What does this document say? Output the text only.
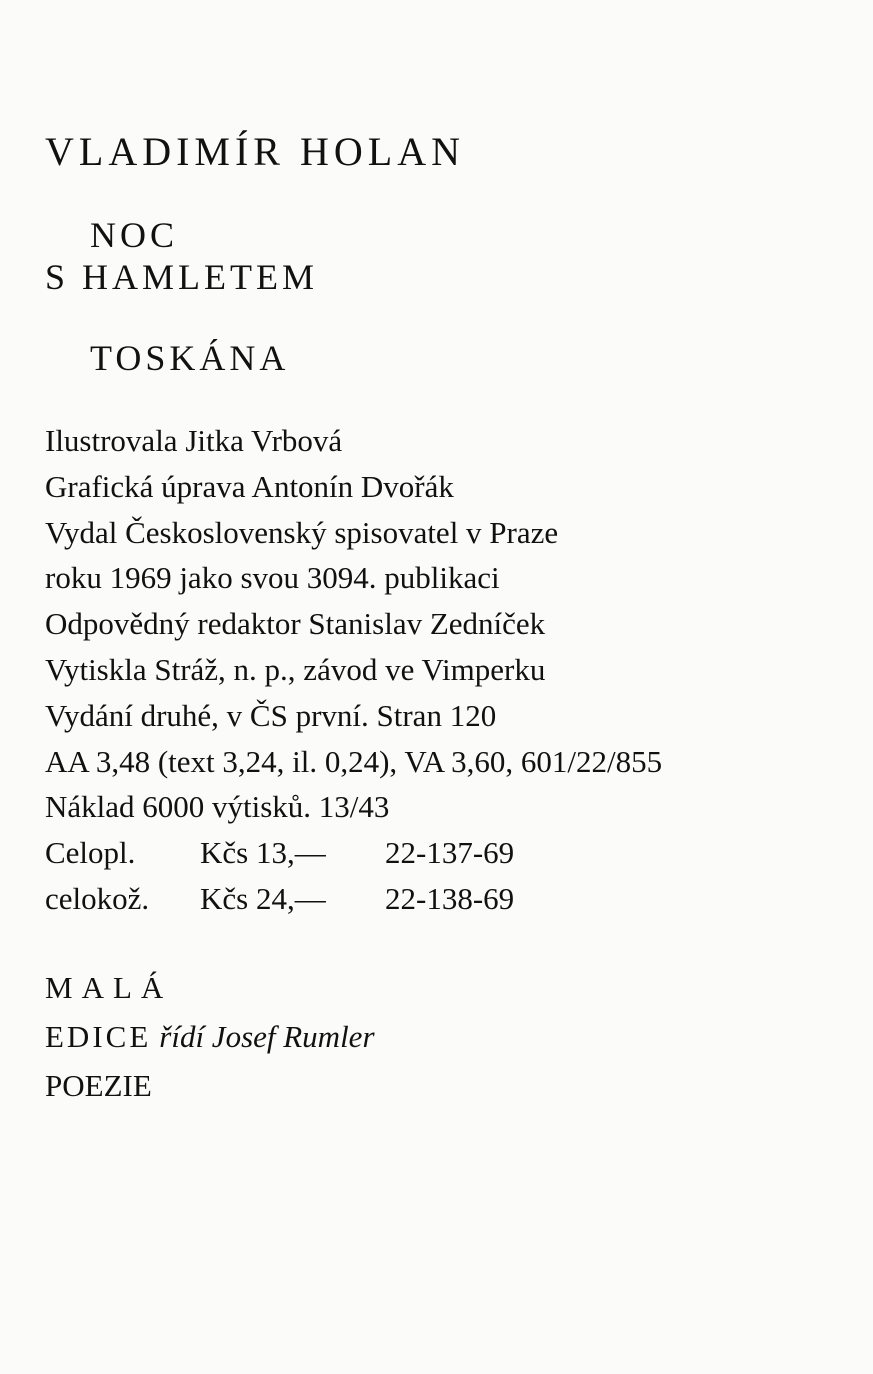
VLADIMÍR HOLAN
NOC
S HAMLETEM
TOSKÁNA
Ilustrovala Jitka Vrbová
Grafická úprava Antonín Dvořák
Vydal Československý spisovatel v Praze
roku 1969 jako svou 3094. publikaci
Odpovědný redaktor Stanislav Zedníček
Vytiskla Stráž, n. p., závod ve Vimperku
Vydání druhé, v ČS první. Stran 120
AA 3,48 (text 3,24, il. 0,24), VA 3,60, 601/22/855
Náklad 6000 výtisků. 13/43
Celopl.	Kčs 13,—	22-137-69
celokož.	Kčs 24,—	22-138-69
MALÁ
EDICE řídí Josef Rumler
POEZIE
